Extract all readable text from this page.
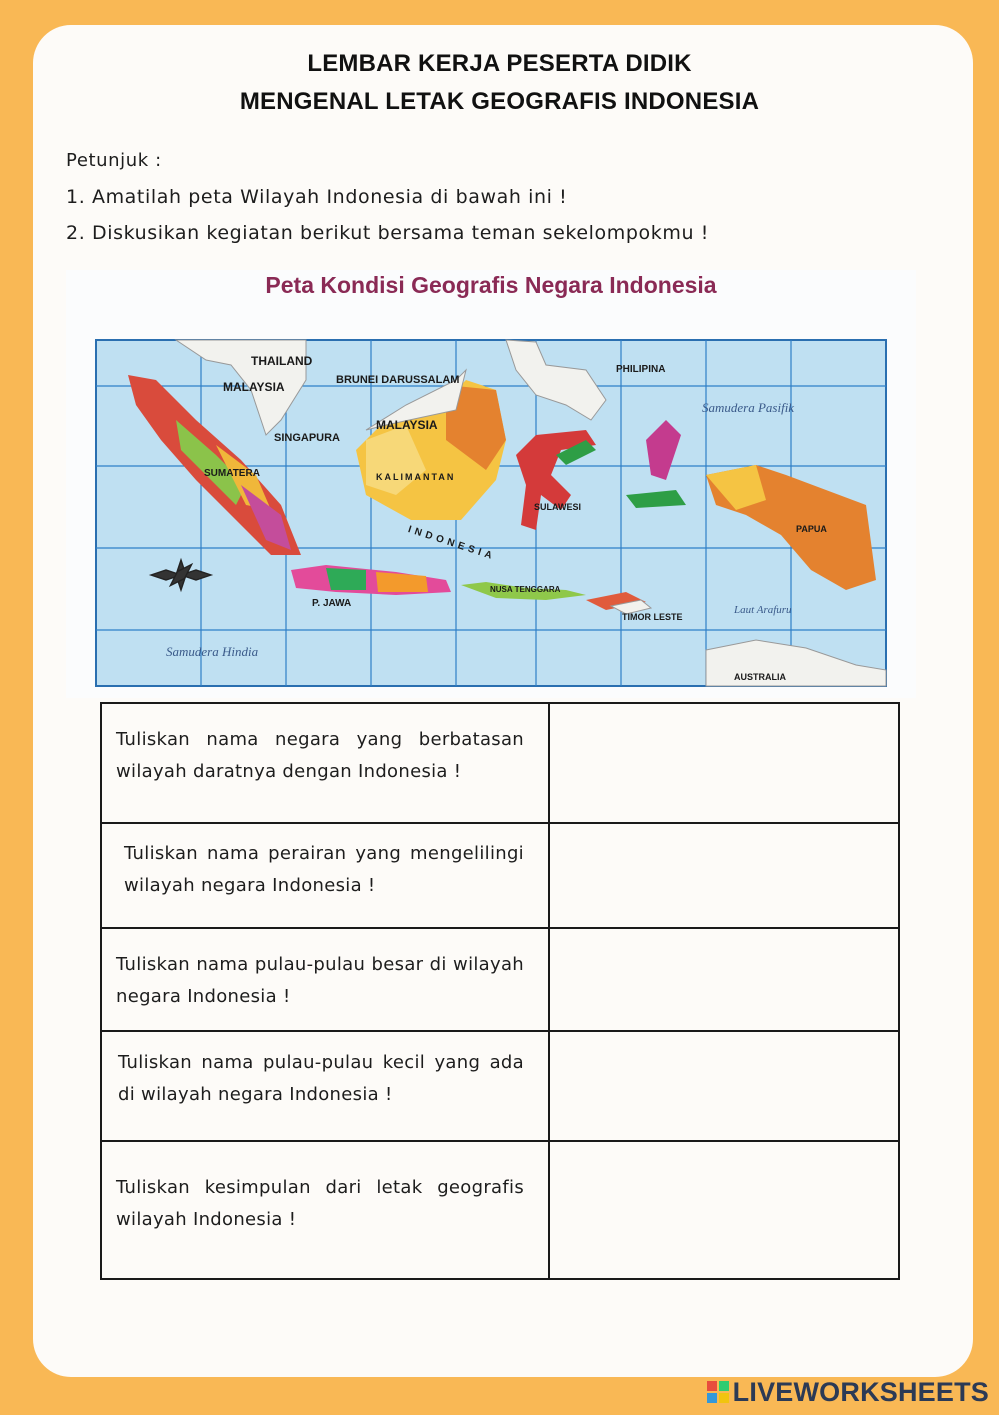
LEMBAR KERJA PESERTA DIDIK
MENGENAL LETAK GEOGRAFIS INDONESIA
Petunjuk :
1. Amatilah peta Wilayah Indonesia di bawah ini !
2. Diskusikan kegiatan berikut bersama teman sekelompokmu !
Peta Kondisi Geografis Negara Indonesia
THAILAND
MALAYSIA	BRUNEI DARUSSALAM
PHILIPINA
MALAYSIA
SINGAPURA
SUMATERA	KALIMANTAN
INDONESIA
SULAWESI
PAPUA
P. JAWA
NUSA TENGGARA
TIMOR LESTE
AUSTRALIA
Samudera Pasifik
Samudera Hindia
Laut Arafuru
Tuliskan nama negara yang berbatasan wilayah daratnya dengan Indonesia !	

Tuliskan nama perairan yang mengelilingi wilayah negara Indonesia !	

Tuliskan nama pulau-pulau besar di wilayah negara Indonesia !	

Tuliskan nama pulau-pulau kecil yang ada di wilayah negara Indonesia !	

Tuliskan kesimpulan dari letak geografis wilayah Indonesia !	

LIVEWORKSHEETS
